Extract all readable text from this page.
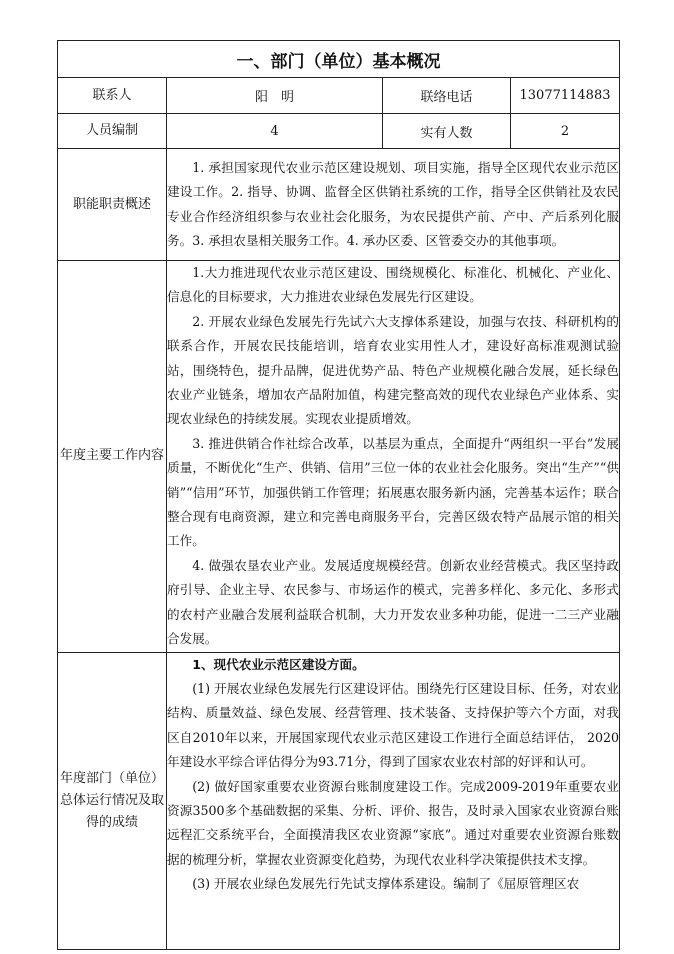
一、部门（单位）基本概况			
联系人	阳　明	联络电话	13077114883
人员编制	4	实有人数	2
职能职责概述	1. 承担国家现代农业示范区建设规划、项目实施，指导全区现代农业示范区建设工作。2. 指导、协调、监督全区供销社系统的工作，指导全区供销社及农民专业合作经济组织参与农业社会化服务，为农民提供产前、产中、产后系列化服务。3. 承担农垦相关服务工作。4. 承办区委、区管委交办的其他事项。		

年度主要工作内容	1.大力推进现代农业示范区建设、围绕规模化、标准化、机械化、产业化、信息化的目标要求，大力推进农业绿色发展先行区建设。

2. 开展农业绿色发展先行先试六大支撑体系建设，加强与农技、科研机构的联系合作，开展农民技能培训，培育农业实用性人才，建设好高标准观测试验站，围绕特色，提升品牌，促进优势产品、特色产业规模化融合发展，延长绿色农业产业链条，增加农产品附加值，构建完整高效的现代农业绿色产业体系、实现农业绿色的持续发展。实现农业提质增效。

3. 推进供销合作社综合改革，以基层为重点，全面提升“两组织一平台”发展质量，不断优化“生产、供销、信用”三位一体的农业社会化服务。突出“生产”“供销”“信用”环节，加强供销工作管理；拓展惠农服务新内涵，完善基本运作；联合整合现有电商资源，建立和完善电商服务平台，完善区级农特产品展示馆的相关工作。

4. 做强农垦农业产业。发展适度规模经营。创新农业经营模式。我区坚持政府引导、企业主导、农民参与、市场运作的模式，完善多样化、多元化、多形式的农村产业融合发展利益联合机制，大力开发农业多种功能，促进一二三产业融合发展。		

年度部门（单位）总体运行情况及取得的成绩	1、现代农业示范区建设方面。

(1) 开展农业绿色发展先行区建设评估。围绕先行区建设目标、任务，对农业结构、质量效益、绿色发展、经营管理、技术装备、支持保护等六个方面，对我区自2010年以来，开展国家现代农业示范区建设工作进行全面总结评估， 2020年建设水平综合评估得分为93.71分，得到了国家农业农村部的好评和认可。

(2) 做好国家重要农业资源台账制度建设工作。完成2009-2019年重要农业资源3500多个基础数据的采集、分析、评价、报告，及时录入国家农业资源台账远程汇交系统平台，全面摸清我区农业资源“家底”。通过对重要农业资源台账数据的梳理分析，掌握农业资源变化趋势，为现代农业科学决策提供技术支撑。

(3) 开展农业绿色发展先行先试支撑体系建设。编制了《屈原管理区农		
